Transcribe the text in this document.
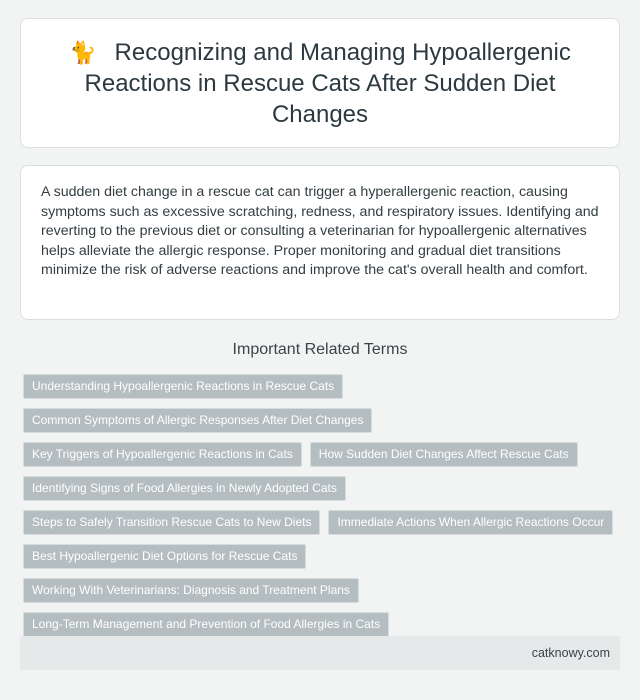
🐈 Recognizing and Managing Hypoallergenic Reactions in Rescue Cats After Sudden Diet Changes

A sudden diet change in a rescue cat can trigger a hyperallergenic reaction, causing symptoms such as excessive scratching, redness, and respiratory issues. Identifying and reverting to the previous diet or consulting a veterinarian for hypoallergenic alternatives helps alleviate the allergic response. Proper monitoring and gradual diet transitions minimize the risk of adverse reactions and improve the cat's overall health and comfort.

Important Related Terms
Understanding Hypoallergenic Reactions in Rescue Cats
Common Symptoms of Allergic Responses After Diet Changes
Key Triggers of Hypoallergenic Reactions in Cats	How Sudden Diet Changes Affect Rescue Cats
Identifying Signs of Food Allergies in Newly Adopted Cats
Steps to Safely Transition Rescue Cats to New Diets	Immediate Actions When Allergic Reactions Occur
Best Hypoallergenic Diet Options for Rescue Cats
Working With Veterinarians: Diagnosis and Treatment Plans
Long-Term Management and Prevention of Food Allergies in Cats
catknowy.com
